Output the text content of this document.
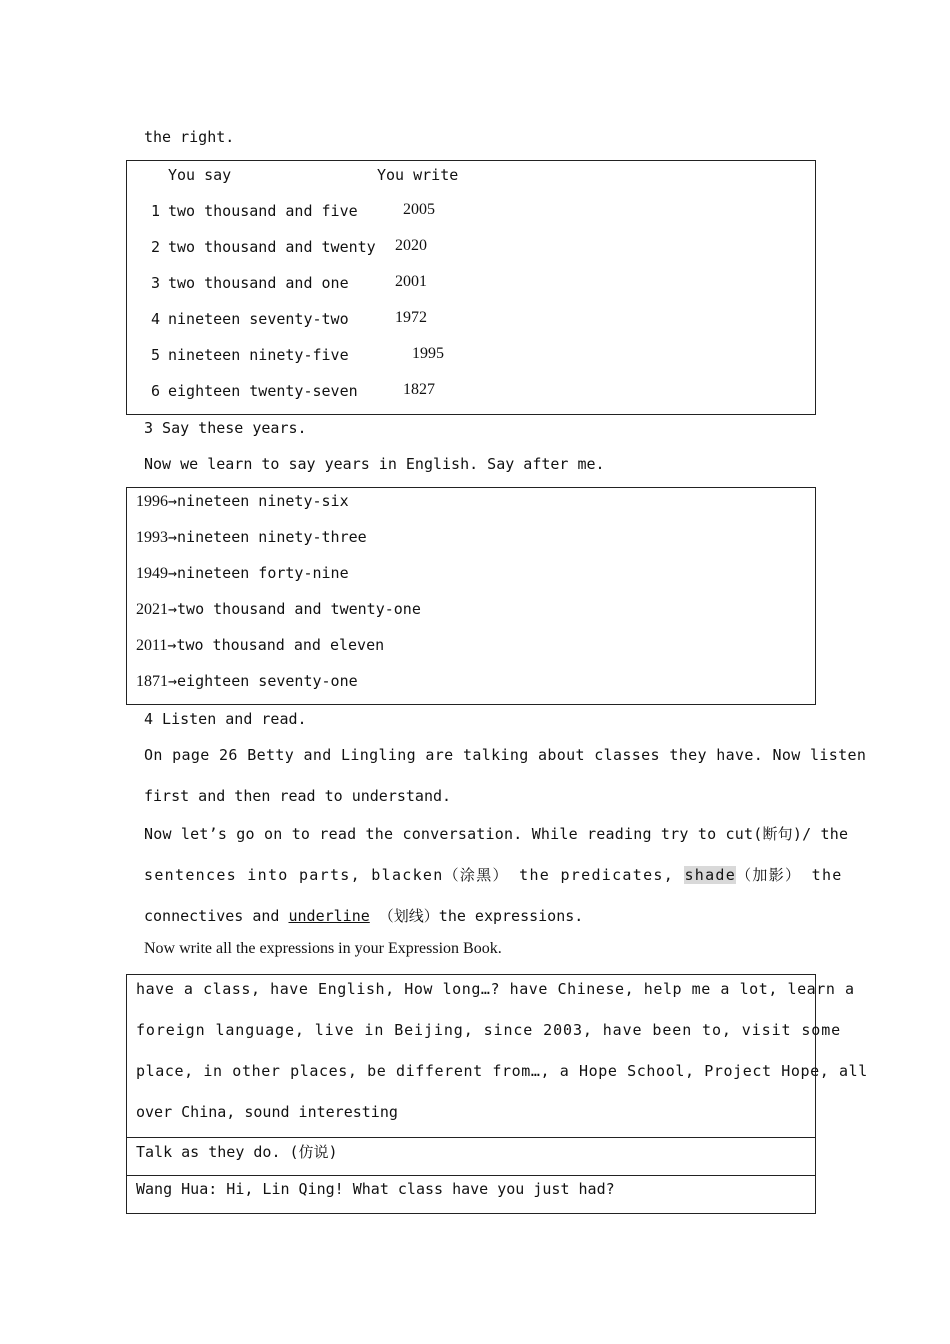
the right.
You say	You write
1 two thousand and five	2005
2 two thousand and twenty 2020
3 two thousand and one	2001
4 nineteen seventy-two	1972
5 nineteen ninety-five	1995
6 eighteen twenty-seven	1827
3 Say these years.
Now we learn to say years in English. Say after me.
1996→nineteen ninety-six
1993→nineteen ninety-three
1949→nineteen forty-nine
2021→two thousand and twenty-one
2011→two thousand and eleven
1871→eighteen seventy-one
4 Listen and read.
On page 26 Betty and Lingling are talking about classes they have. Now listen
first and then read to understand.
Now let’s go on to read the conversation. While reading try to cut(断句)/ the
sentences into parts, blacken（涂黑） the predicates, shade（加影） the
connectives and underline （划线）the expressions.
Now write all the expressions in your Expression Book.
have a class, have English, How long…? have Chinese, help me a lot, learn a
foreign language, live in Beijing, since 2003, have been to, visit some
place, in other places, be different from…, a Hope School, Project Hope, all
over China, sound interesting
Talk as they do. (仿说)
Wang Hua: Hi, Lin Qing! What class have you just had?
